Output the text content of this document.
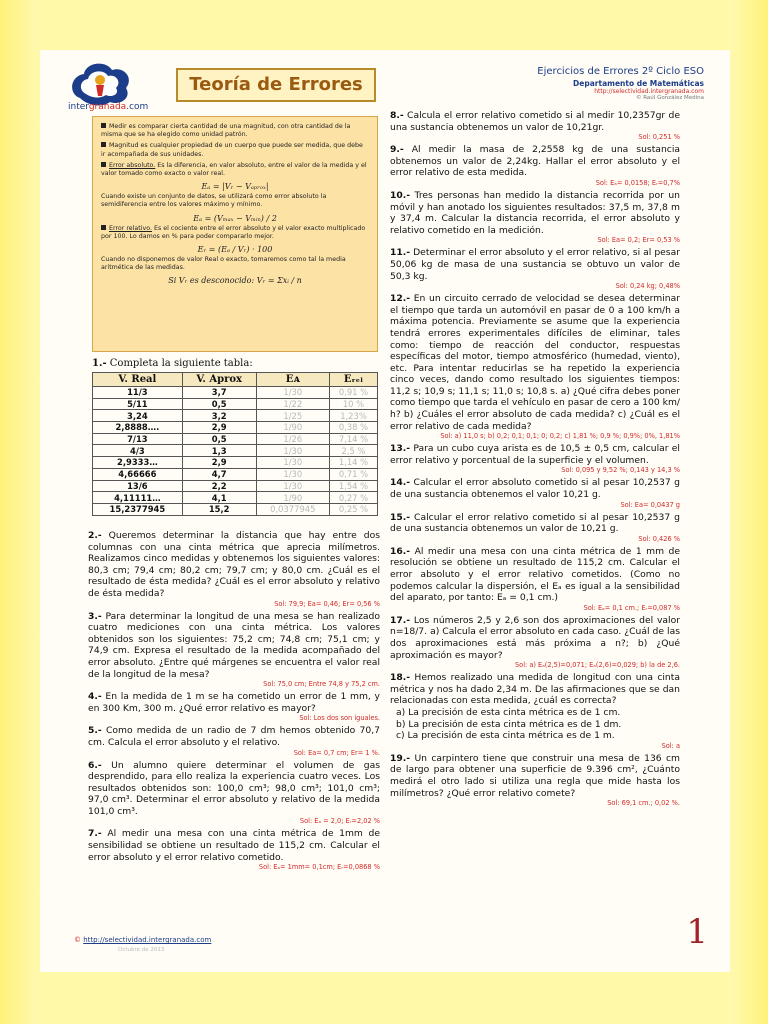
intergranada.com
Teoría de Errores
Ejercicios de Errores 2º Ciclo ESO
Departamento de Matemáticas
http://selectividad.intergranada.com
© Raúl González Medina

Medir es comparar cierta cantidad de una magnitud, con otra cantidad de la misma que se ha elegido como unidad patrón.

Magnitud es cualquier propiedad de un cuerpo que puede ser medida, que debe ir acompañada de sus unidades.

Error absoluto. Es la diferencia, en valor absoluto, entre el valor de la medida y el valor tomado como exacto o valor real.

Eₐ = |Vᵣ − Vₐₚᵣₒₓ|

Cuando existe un conjunto de datos, se utilizará como error absoluto la semidiferencia entre los valores máximo y mínimo.

Eₐ = (Vₘₐₓ − Vₘᵢₙ) / 2

Error relativo. Es el cociente entre el error absoluto y el valor exacto multiplicado por 100. Lo damos en % para poder compararlo mejor.

Eᵣ = (Eₐ / Vᵣ) · 100

Cuando no disponemos de valor Real o exacto, tomaremos como tal la media aritmética de las medidas.

Si Vᵣ es desconocido: Vᵣ = Σxᵢ / n
1.- Completa la siguiente tabla:
V. Real	V. Aprox	Eᴀ	Eᵣₑₗ
11/3	3,7	1/30	0,91 %
5/11	0,5	1/22	10 %
3,24	3,2	1/25	1,23%
2,8888….	2,9	1/90	0,38 %
7/13	0,5	1/26	7,14 %
4/3	1,3	1/30	2,5 %
2,9333…	2,9	1/30	1,14 %
4,66666	4,7	1/30	0,71 %
13/6	2,2	1/30	1,54 %
4,11111…	4,1	1/90	0,27 %
15,2377945	15,2	0,0377945	0,25 %
2.- Queremos determinar la distancia que hay entre dos columnas con una cinta métrica que aprecia milímetros. Realizamos cinco medidas y obtenemos los siguientes valores: 80,3 cm; 79,4 cm; 80,2 cm; 79,7 cm; y 80,0 cm. ¿Cuál es el resultado de ésta medida? ¿Cuál es el error absoluto y relativo de ésta medida?
Sol: 79,9; Ea= 0,46; Er= 0,56 %
3.- Para determinar la longitud de una mesa se han realizado cuatro mediciones con una cinta métrica. Los valores obtenidos son los siguientes: 75,2 cm; 74,8 cm; 75,1 cm; y 74,9 cm. Expresa el resultado de la medida acompañado del error absoluto. ¿Entre qué márgenes se encuentra el valor real de la longitud de la mesa?
Sol: 75,0 cm; Entre 74,8 y 75,2 cm.
4.- En la medida de 1 m se ha cometido un error de 1 mm, y en 300 Km, 300 m. ¿Qué error relativo es mayor?
Sol: Los dos son iguales.
5.- Como medida de un radio de 7 dm hemos obtenido 70,7 cm. Calcula el error absoluto y el relativo.
Sol: Ea= 0,7 cm; Er= 1 %.
6.- Un alumno quiere determinar el volumen de gas desprendido, para ello realiza la experiencia cuatro veces. Los resultados obtenidos son: 100,0 cm³; 98,0 cm³; 101,0 cm³; 97,0 cm³. Determinar el error absoluto y relativo de la medida 101,0 cm³.
Sol: Eₐ = 2,0; Eᵣ=2,02 %
7.- Al medir una mesa con una cinta métrica de 1mm de sensibilidad se obtiene un resultado de 115,2 cm. Calcular el error absoluto y el error relativo cometido.
Sol: Eₐ= 1mm= 0,1cm; Eᵣ=0,0868 %
8.- Calcula el error relativo cometido si al medir 10,2357gr de una sustancia obtenemos un valor de 10,21gr.
Sol: 0,251 %
9.- Al medir la masa de 2,2558 kg de una sustancia obtenemos un valor de 2,24kg. Hallar el error absoluto y el error relativo de esta medida.
Sol: Eₐ= 0,0158; Eᵣ=0,7%
10.- Tres personas han medido la distancia recorrida por un móvil y han anotado los siguientes resultados: 37,5 m, 37,8 m y 37,4 m. Calcular la distancia recorrida, el error absoluto y relativo cometido en la medición.
Sol: Ea= 0,2; Er= 0,53 %
11.- Determinar el error absoluto y el error relativo, si al pesar 50,06 kg de masa de una sustancia se obtuvo un valor de 50,3 kg.
Sol: 0,24 kg; 0,48%
12.- En un circuito cerrado de velocidad se desea determinar el tiempo que tarda un automóvil en pasar de 0 a 100 km/h a máxima potencia. Previamente se asume que la experiencia tendrá errores experimentales difíciles de eliminar, tales como: tiempo de reacción del conductor, respuestas específicas del motor, tiempo atmosférico (humedad, viento), etc. Para intentar reducirlas se ha repetido la experiencia cinco veces, dando como resultado los siguientes tiempos: 11,2 s; 10,9 s; 11,1 s; 11,0 s; 10,8 s. a) ¿Qué cifra debes poner como tiempo que tarda el vehículo en pasar de cero a 100 km/ h? b) ¿Cuáles el error absoluto de cada medida? c) ¿Cuál es el error relativo de cada medida?
Sol: a) 11,0 s; b) 0,2; 0,1; 0,1; 0; 0,2; c) 1,81 %; 0,9 %; 0,9%; 0%, 1,81%
13.- Para un cubo cuya arista es de 10,5 ± 0,5 cm, calcular el error relativo y porcentual de la superficie y el volumen.
Sol: 0,095 y 9,52 %; 0,143 y 14,3 %
14.- Calcular el error absoluto cometido si al pesar 10,2537 g de una sustancia obtenemos el valor 10,21 g.
Sol: Ea= 0,0437 g
15.- Calcular el error relativo cometido si al pesar 10,2537 g de una sustancia obtenemos un valor de 10,21 g.
Sol: 0,426 %
16.- Al medir una mesa con una cinta métrica de 1 mm de resolución se obtiene un resultado de 115,2 cm. Calcular el error absoluto y el error relativo cometidos. (Como no podemos calcular la dispersión, el Eₐ es igual a la sensibilidad del aparato, por tanto: Eₐ = 0,1 cm.)
Sol: Eₐ= 0,1 cm.; Eᵣ=0,087 %
17.- Los números 2,5 y 2,6 son dos aproximaciones del valor n=18/7. a) Calcula el error absoluto en cada caso. ¿Cuál de las dos aproximaciones está más próxima a n?; b) ¿Qué aproximación es mayor?
Sol: a) Eₐ(2,5)=0,071; Eₐ(2,6)=0,029; b) la de 2,6.
18.- Hemos realizado una medida de longitud con una cinta métrica y nos ha dado 2,34 m. De las afirmaciones que se dan relacionadas con esta medida, ¿cuál es correcta?
a) La precisión de esta cinta métrica es de 1 cm.
b) La precisión de esta cinta métrica es de 1 dm.
c) La precisión de esta cinta métrica es de 1 m.
Sol: a
19.- Un carpintero tiene que construir una mesa de 136 cm de largo para obtener una superficie de 9.396 cm², ¿Cuánto medirá el otro lado si utiliza una regla que mide hasta los milímetros? ¿Qué error relativo comete?
Sol: 69,1 cm.; 0,02 %.
© http://selectividad.intergranada.com
Octubre de 2013	1
